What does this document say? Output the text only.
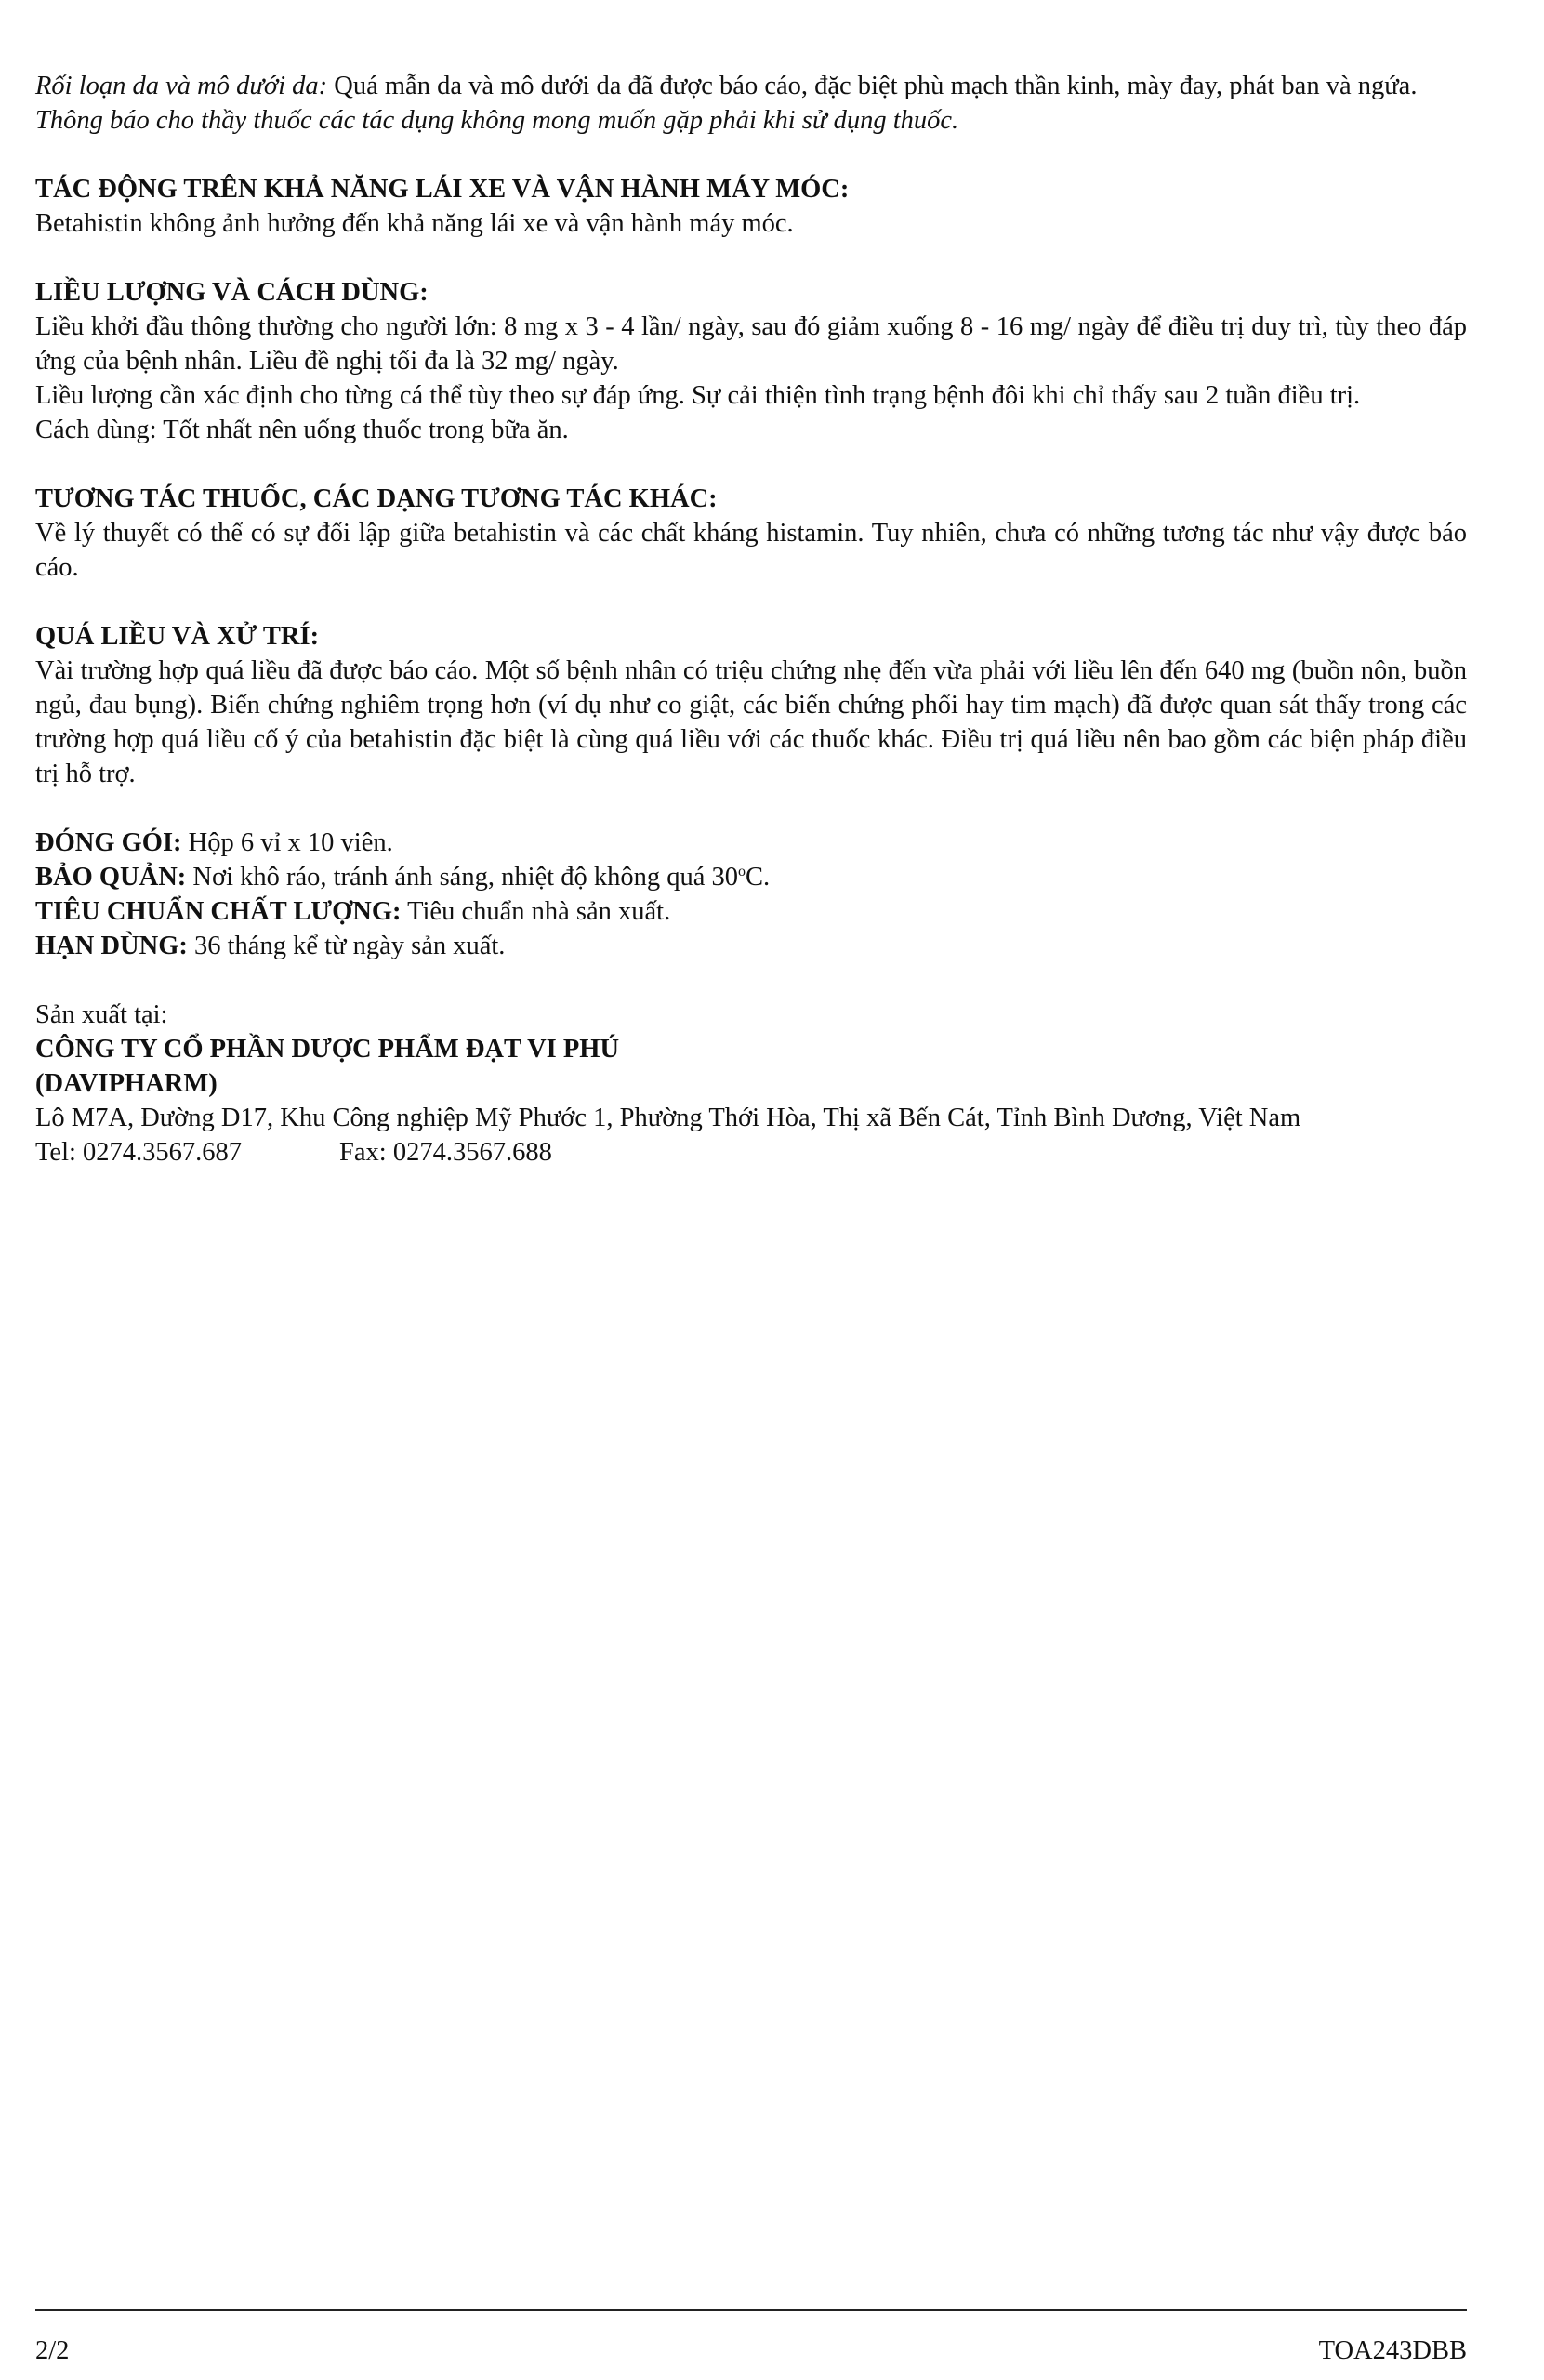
Rối loạn da và mô dưới da: Quá mẫn da và mô dưới da đã được báo cáo, đặc biệt phù mạch thần kinh, mày đay, phát ban và ngứa.

Thông báo cho thầy thuốc các tác dụng không mong muốn gặp phải khi sử dụng thuốc.

TÁC ĐỘNG TRÊN KHẢ NĂNG LÁI XE VÀ VẬN HÀNH MÁY MÓC:

Betahistin không ảnh hưởng đến khả năng lái xe và vận hành máy móc.

LIỀU LƯỢNG VÀ CÁCH DÙNG:

Liều khởi đầu thông thường cho người lớn: 8 mg x 3 - 4 lần/ ngày, sau đó giảm xuống 8 - 16 mg/ ngày để điều trị duy trì, tùy theo đáp ứng của bệnh nhân. Liều đề nghị tối đa là 32 mg/ ngày.

Liều lượng cần xác định cho từng cá thể tùy theo sự đáp ứng. Sự cải thiện tình trạng bệnh đôi khi chỉ thấy sau 2 tuần điều trị.

Cách dùng: Tốt nhất nên uống thuốc trong bữa ăn.

TƯƠNG TÁC THUỐC, CÁC DẠNG TƯƠNG TÁC KHÁC:

Về lý thuyết có thể có sự đối lập giữa betahistin và các chất kháng histamin. Tuy nhiên, chưa có những tương tác như vậy được báo cáo.

QUÁ LIỀU VÀ XỬ TRÍ:

Vài trường hợp quá liều đã được báo cáo. Một số bệnh nhân có triệu chứng nhẹ đến vừa phải với liều lên đến 640 mg (buồn nôn, buồn ngủ, đau bụng). Biến chứng nghiêm trọng hơn (ví dụ như co giật, các biến chứng phổi hay tim mạch) đã được quan sát thấy trong các trường hợp quá liều cố ý của betahistin đặc biệt là cùng quá liều với các thuốc khác. Điều trị quá liều nên bao gồm các biện pháp điều trị hỗ trợ.

ĐÓNG GÓI: Hộp 6 vỉ x 10 viên.

BẢO QUẢN: Nơi khô ráo, tránh ánh sáng, nhiệt độ không quá 30$^o$C.

TIÊU CHUẨN CHẤT LƯỢNG: Tiêu chuẩn nhà sản xuất.

HẠN DÙNG: 36 tháng kể từ ngày sản xuất.

Sản xuất tại:

CÔNG TY CỔ PHẦN DƯỢC PHẨM ĐẠT VI PHÚ

(DAVIPHARM)

Lô M7A, Đường D17, Khu Công nghiệp Mỹ Phước 1, Phường Thới Hòa, Thị xã Bến Cát, Tỉnh Bình Dương, Việt Nam

Tel: 0274.3567.687	Fax: 0274.3567.688

2/2	TOA243DBB
